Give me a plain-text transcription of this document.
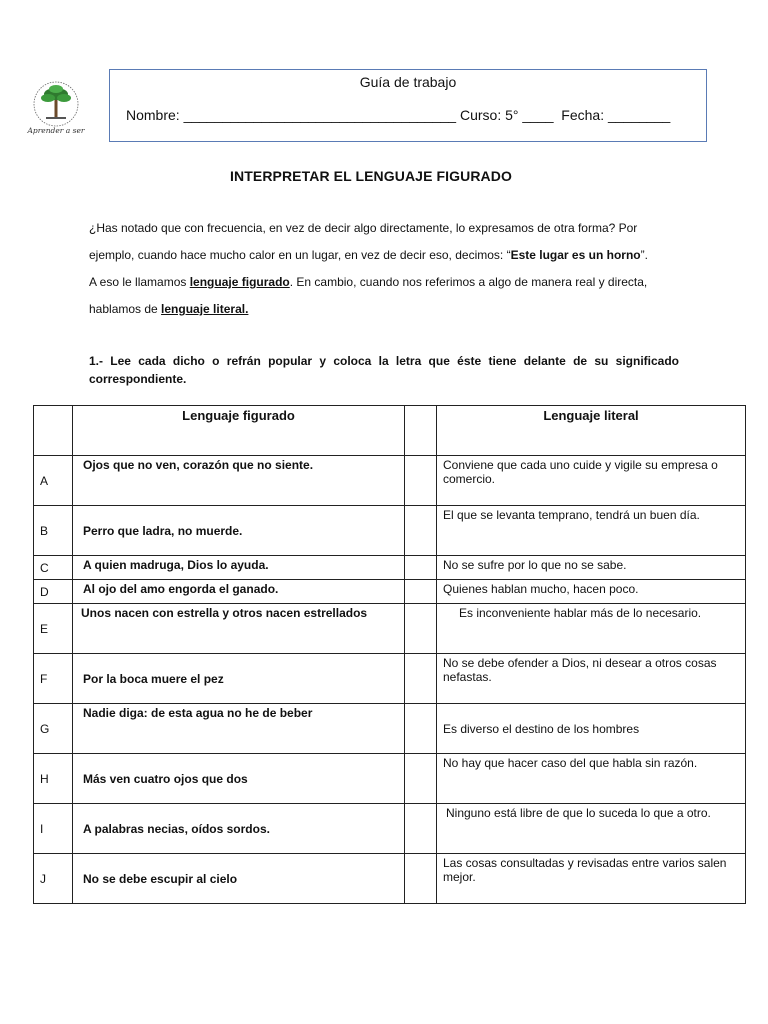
Aprender a ser
Guía de trabajo
Nombre: ___________________________________ Curso: 5° ____  Fecha: ________
INTERPRETAR EL LENGUAJE FIGURADO
¿Has notado que con frecuencia, en vez de decir algo directamente, lo expresamos de otra forma? Por
ejemplo, cuando hace mucho calor en un lugar, en vez de decir eso, decimos: “Este lugar es un horno”.
A eso le llamamos lenguaje figurado. En cambio, cuando nos referimos a algo de manera real y directa,
hablamos de lenguaje literal.
1.- Lee cada dicho o refrán popular y coloca la letra que éste tiene delante de su significado correspondiente.
	Lenguaje figurado		Lenguaje literal
A	Ojos que no ven, corazón que no siente.		Conviene que cada uno cuide y vigile su empresa o comercio.
B	Perro que ladra, no muerde.		El que se levanta temprano, tendrá un buen día.
C	A quien madruga, Dios lo ayuda.		No se sufre por lo que no se sabe.
D	Al ojo del amo engorda el ganado.		Quienes hablan mucho, hacen poco.
E	Unos nacen con estrella y otros nacen estrellados		Es inconveniente hablar más de lo necesario.
F	Por la boca muere el pez		No se debe ofender a Dios, ni desear a otros cosas nefastas.
G	Nadie diga: de esta agua no he de beber		Es diverso el destino de los hombres
H	Más ven cuatro ojos que dos		No hay que hacer caso del que habla sin razón.
I	A palabras necias, oídos sordos.		Ninguno está libre de que lo suceda lo que a otro.
J	No se debe escupir al cielo		Las cosas consultadas y revisadas entre varios salen mejor.
